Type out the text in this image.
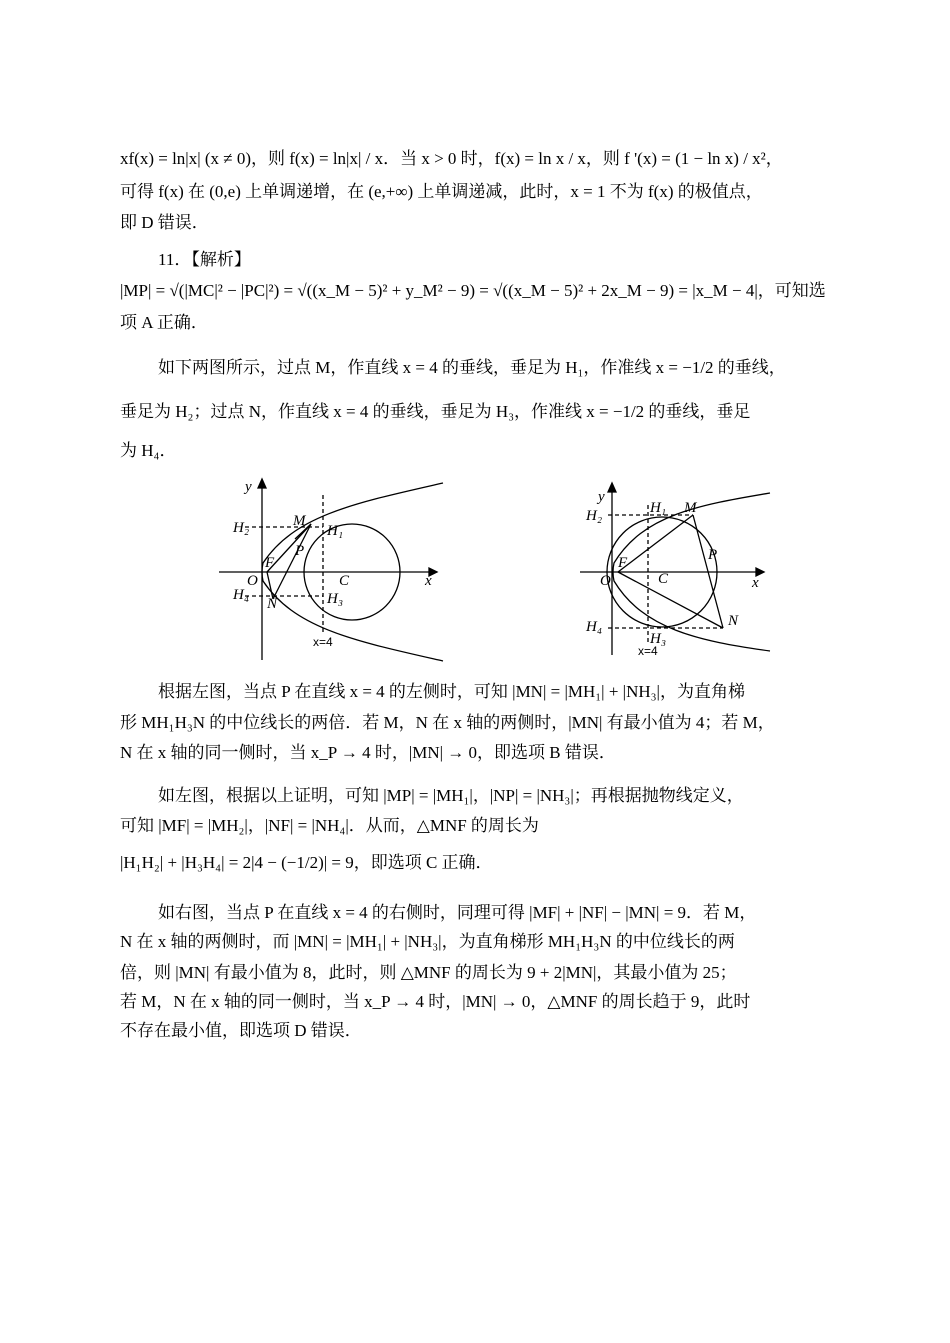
xf(x) = ln|x| (x ≠ 0)，则 f(x) = ln|x| / x．当 x > 0 时，f(x) = ln x / x，则 f '(x) = (1 − ln x) / x²，
可得 f(x) 在 (0,e) 上单调递增，在 (e,+∞) 上单调递减，此时，x = 1 不为 f(x) 的极值点，
即 D 错误．
11．【解析】
|MP| = √(|MC|² − |PC|²) = √((x_M − 5)² + y_M² − 9) = √((x_M − 5)² + 2x_M − 9) = |x_M − 4|，可知选
项 A 正确．
如下两图所示，过点 M，作直线 x = 4 的垂线，垂足为 H₁，作准线 x = −1/2 的垂线，
垂足为 H₂；过点 N，作直线 x = 4 的垂线，垂足为 H₃，作准线 x = −1/2 的垂线，垂足
为 H₄．
y
x
O
F
C
M
N
P
H₁
H₂
H₃
H₄
x=4
y
x
O
F
C
M
N
P
H₁
H₂
H₃
H₄
x=4
根据左图，当点 P 在直线 x = 4 的左侧时，可知 |MN| = |MH₁| + |NH₃|，为直角梯
形 MH₁H₃N 的中位线长的两倍．若 M，N 在 x 轴的两侧时，|MN| 有最小值为 4；若 M，
N 在 x 轴的同一侧时，当 x_P → 4 时，|MN| → 0，即选项 B 错误．
如左图，根据以上证明，可知 |MP| = |MH₁|，|NP| = |NH₃|；再根据抛物线定义，
可知 |MF| = |MH₂|，|NF| = |NH₄|．从而，△MNF 的周长为
|H₁H₂| + |H₃H₄| = 2|4 − (−1/2)| = 9，即选项 C 正确．
如右图，当点 P 在直线 x = 4 的右侧时，同理可得 |MF| + |NF| − |MN| = 9．若 M，
N 在 x 轴的两侧时，而 |MN| = |MH₁| + |NH₃|，为直角梯形 MH₁H₃N 的中位线长的两
倍，则 |MN| 有最小值为 8，此时，则 △MNF 的周长为 9 + 2|MN|，其最小值为 25；
若 M，N 在 x 轴的同一侧时，当 x_P → 4 时，|MN| → 0，△MNF 的周长趋于 9，此时
不存在最小值，即选项 D 错误．
